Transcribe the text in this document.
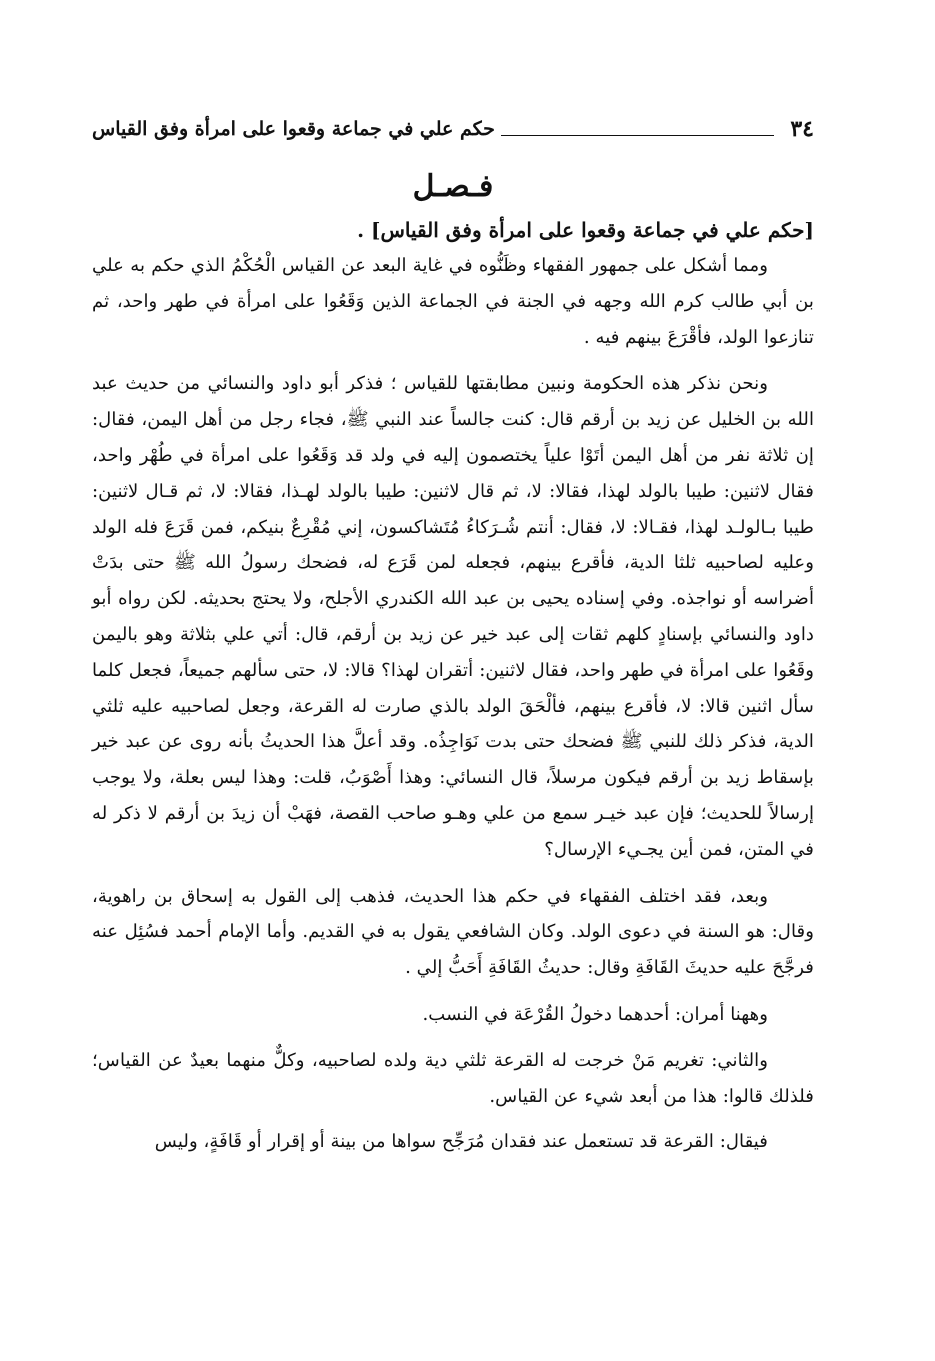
٣٤
حكم علي في جماعة وقعوا على امرأة وفق القياس
فـصـل
[حكم علي في جماعة وقعوا على امرأة وفق القياس] .

ومما أشكل على جمهور الفقهاء وظَنُّوه في غاية البعد عن القياس الْحُكْمُ الذي حكم به علي بن أبي طالب كرم الله وجهه في الجنة في الجماعة الذين وَقَعُوا على امرأة في طهر واحد، ثم تنازعوا الولد، فأقْرَعَ بينهم فيه .

ونحن نذكر هذه الحكومة ونبين مطابقتها للقياس ؛ فذكر أبو داود والنسائي من حديث عبد الله بن الخليل عن زيد بن أرقم قال: كنت جالساً عند النبي ﷺ، فجاء رجل من أهل اليمن، فقال: إن ثلاثة نفر من أهل اليمن أتَوْا علياً يختصمون إليه في ولد قد وَقَعُوا على امرأة في طُهْر واحد، فقال لاثنين: طيبا بالولد لهذا، فقالا: لا، ثم قال لاثنين: طيبا بالولد لهـذا، فقالا: لا، ثم قـال لاثنين: طيبا بـالولـد لهذا، فقـالا: لا، فقال: أنتم شُـرَكاءُ مُتَشاكسون، إني مُقْرِعٌ بنيكم، فمن قَرَعَ فله الولد وعليه لصاحبيه ثلثا الدية، فأقرع بينهم، فجعله لمن قَرَع له، فضحك رسولُ الله ﷺ حتى بدَتْ أضراسه أو نواجذه. وفي إسناده يحيى بن عبد الله الكندري الأجلح، ولا يحتج بحديثه. لكن رواه أبو داود والنسائي بإسنادٍ كلهم ثقات إلى عبد خير عن زيد بن أرقم، قال: أتي علي بثلاثة وهو باليمن وقَعُوا على امرأة في طهر واحد، فقال لاثنين: أتقران لهذا؟ قالا: لا، حتى سألهم جميعاً، فجعل كلما سأل اثنين قالا: لا، فأقرع بينهم، فألْحَقَ الولد بالذي صارت له القرعة، وجعل لصاحبيه عليه ثلثي الدية، فذكر ذلك للنبي ﷺ فضحك حتى بدت نَوَاجِذُه. وقد أعلَّ هذا الحديثُ بأنه روى عن عبد خير بإسقاط زيد بن أرقم فيكون مرسلاً، قال النسائي: وهذا أَصْوَبُ، قلت: وهذا ليس بعلة، ولا يوجب إرسالاً للحديث؛ فإن عبد خيـر سمع من علي وهـو صاحب القصة، فهَبْ أن زيدَ بن أرقم لا ذكر له في المتن، فمن أين يجـيء الإرسال؟

وبعد، فقد اختلف الفقهاء في حكم هذا الحديث، فذهب إلى القول به إسحاق بن راهوية، وقال: هو السنة في دعوى الولد. وكان الشافعي يقول به في القديم. وأما الإمام أحمد فسُئِل عنه فرجَّحَ عليه حديثَ القَافَةِ وقال: حديثُ القَافَةِ أَحَبُّ إلي .

وههنا أمران: أحدهما دخولُ القُرْعَة في النسب.

والثاني: تغريم مَنْ خرجت له القرعة ثلثي دية ولده لصاحبيه، وكلٌّ منهما بعيدٌ عن القياس؛ فلذلك قالوا: هذا من أبعد شيء عن القياس.

فيقال: القرعة قد تستعمل عند فقدان مُرَجِّح سواها من بينة أو إقرار أو قَافَةٍ، وليس
